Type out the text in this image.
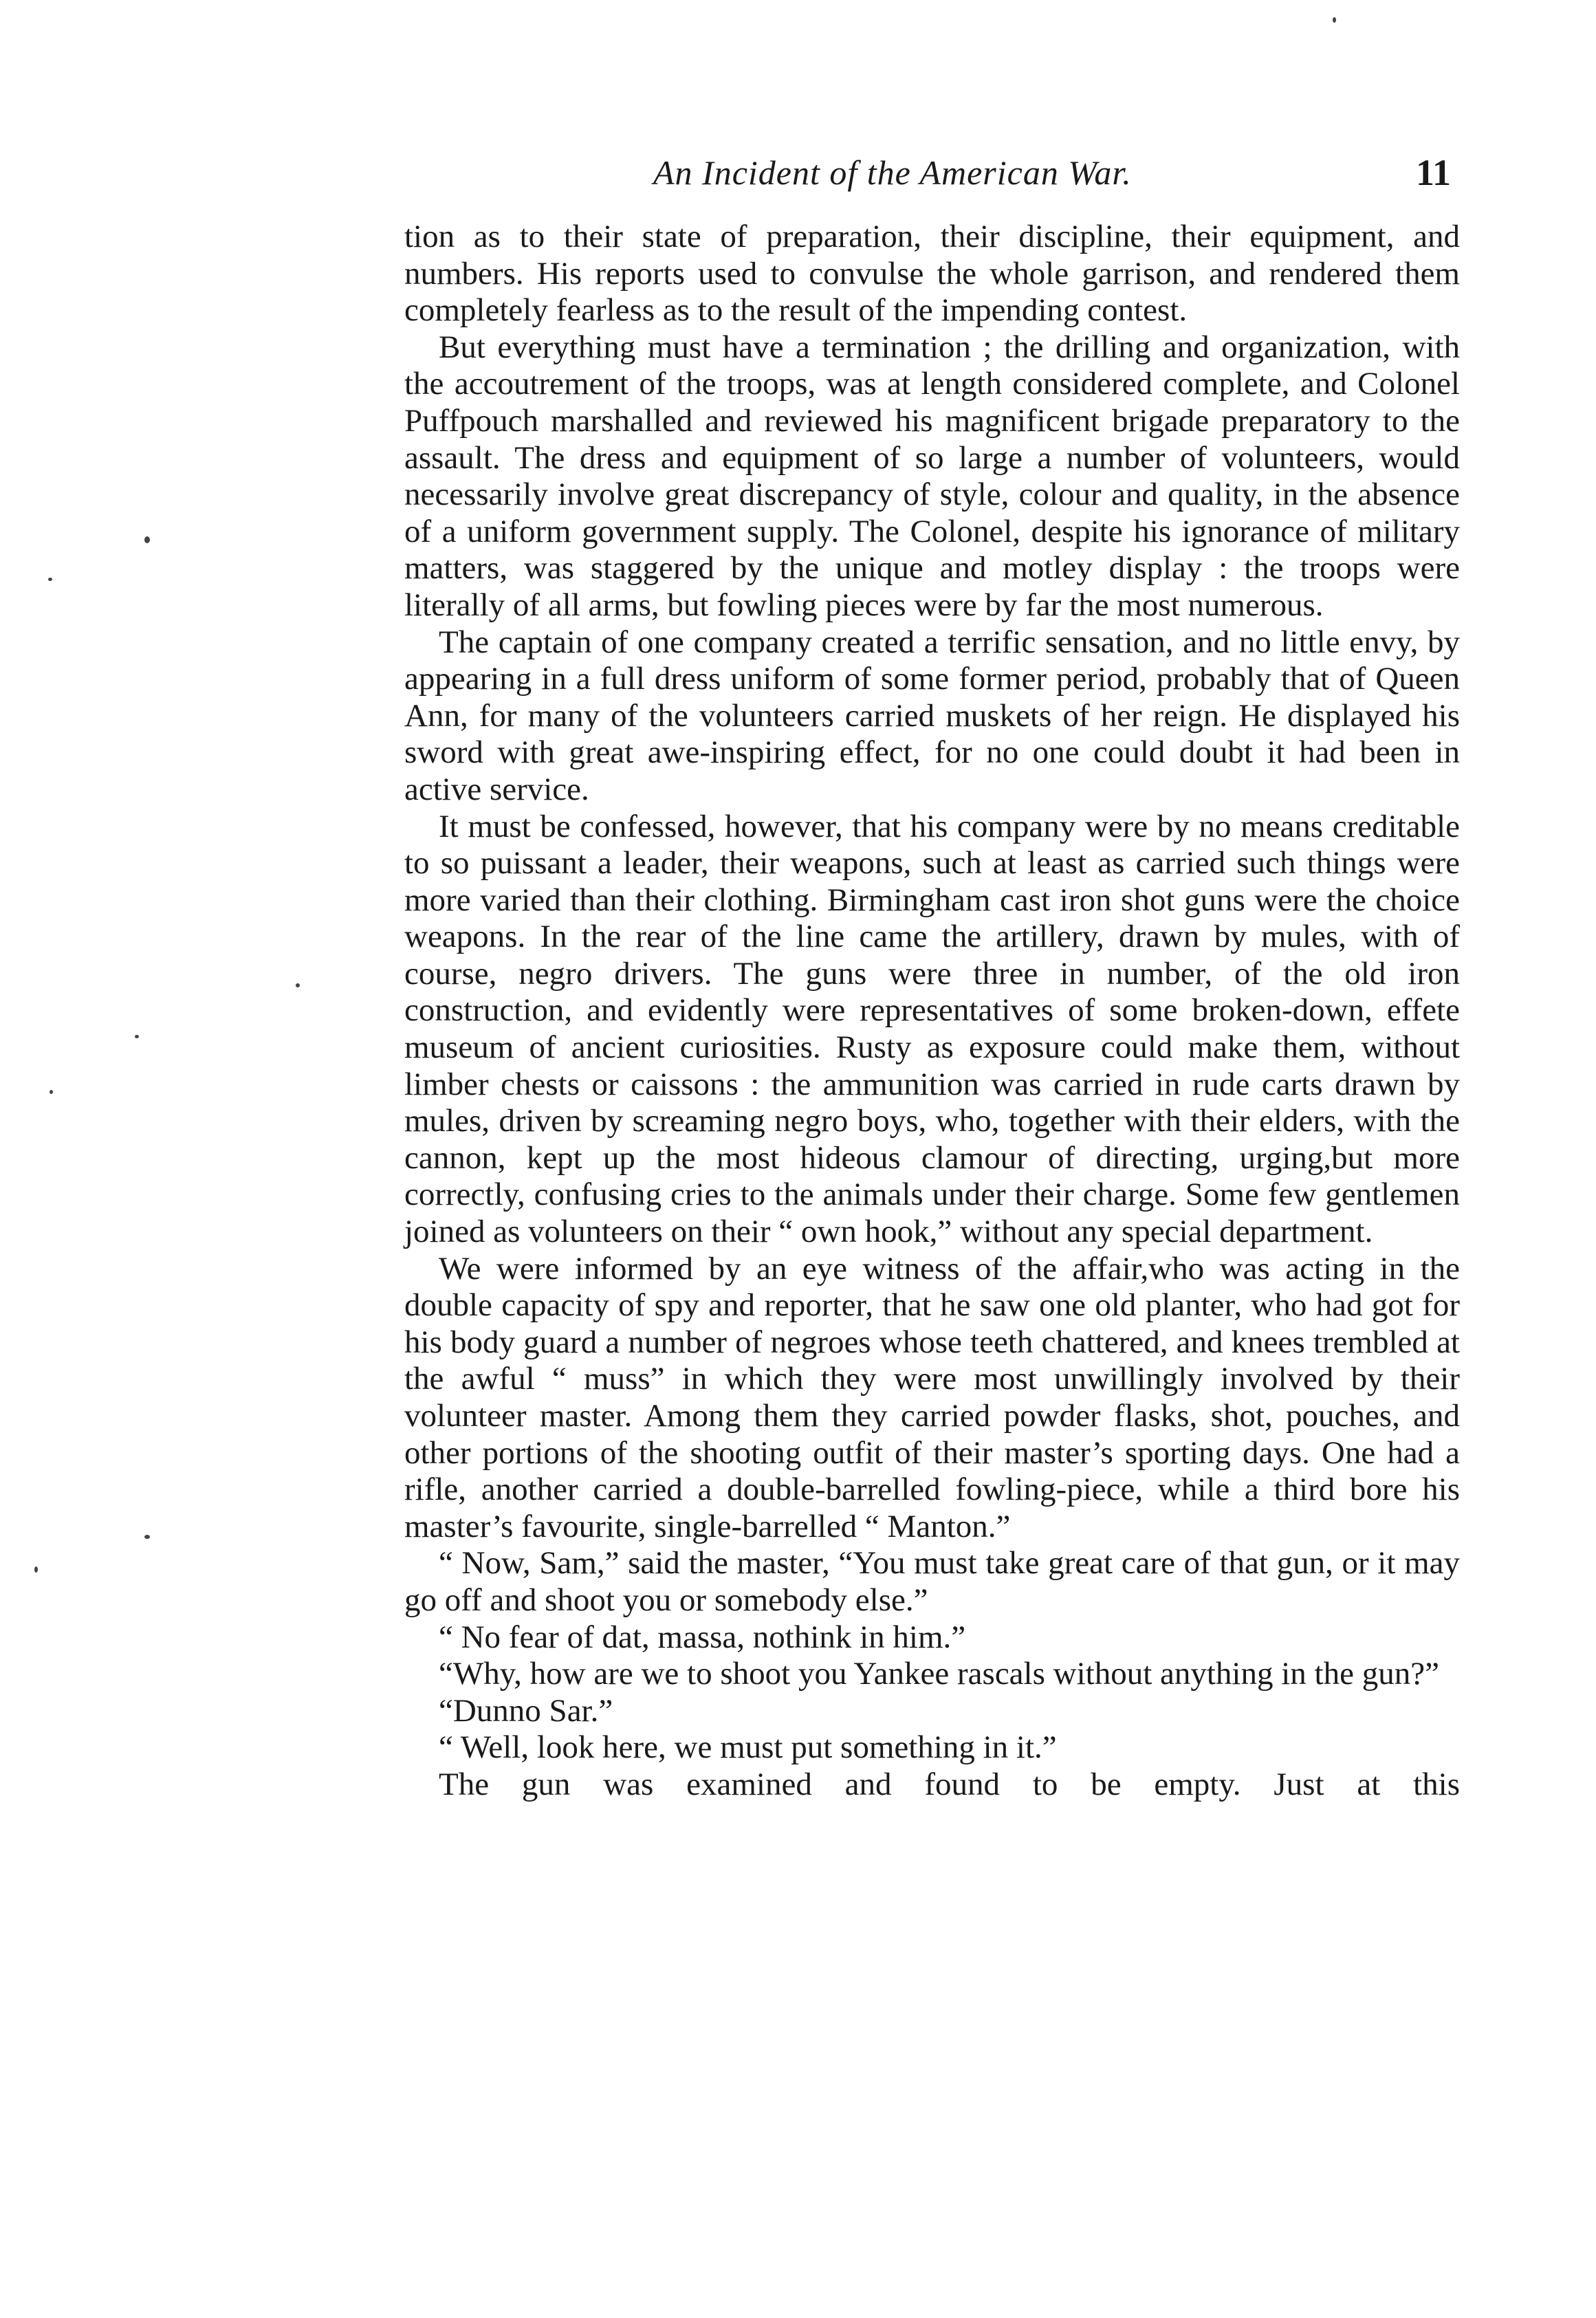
An Incident of the American War.	11

tion as to their state of preparation, their discipline, their equipment, and numbers. His reports used to convulse the whole garrison, and rendered them completely fearless as to the result of the impending contest.

But everything must have a termination ; the drilling and organization, with the accoutrement of the troops, was at length considered complete, and Colonel Puffpouch marshalled and reviewed his magnificent brigade preparatory to the assault. The dress and equipment of so large a number of volunteers, would necessarily involve great discrepancy of style, colour and quality, in the absence of a uniform government supply. The Colonel, despite his ignorance of military matters, was staggered by the unique and motley display : the troops were literally of all arms, but fowling pieces were by far the most numerous.

The captain of one company created a terrific sensation, and no little envy, by appearing in a full dress uniform of some former period, probably that of Queen Ann, for many of the volunteers carried muskets of her reign. He displayed his sword with great awe-inspiring effect, for no one could doubt it had been in active service.

It must be confessed, however, that his company were by no means creditable to so puissant a leader, their weapons, such at least as carried such things were more varied than their clothing. Birmingham cast iron shot guns were the choice weapons. In the rear of the line came the artillery, drawn by mules, with of course, negro drivers. The guns were three in number, of the old iron construction, and evidently were representatives of some broken-down, effete museum of ancient curiosities. Rusty as exposure could make them, without limber chests or caissons : the ammunition was carried in rude carts drawn by mules, driven by screaming negro boys, who, together with their elders, with the cannon, kept up the most hideous clamour of directing, urging,but more correctly, confusing cries to the animals under their charge. Some few gentlemen joined as volunteers on their “ own hook,” without any special department.

We were informed by an eye witness of the affair,who was acting in the double capacity of spy and reporter, that he saw one old planter, who had got for his body guard a number of negroes whose teeth chattered, and knees trembled at the awful “ muss” in which they were most unwillingly involved by their volunteer master. Among them they carried powder flasks, shot, pouches, and other portions of the shooting outfit of their master’s sporting days. One had a rifle, another carried a double-barrelled fowling-piece, while a third bore his master’s favourite, single-barrelled “ Manton.”

“ Now, Sam,” said the master, “You must take great care of that gun, or it may go off and shoot you or somebody else.”

“ No fear of dat, massa, nothink in him.”

“Why, how are we to shoot you Yankee rascals without anything in the gun?”

“Dunno Sar.”

“ Well, look here, we must put something in it.”

The gun was examined and found to be empty. Just at this
